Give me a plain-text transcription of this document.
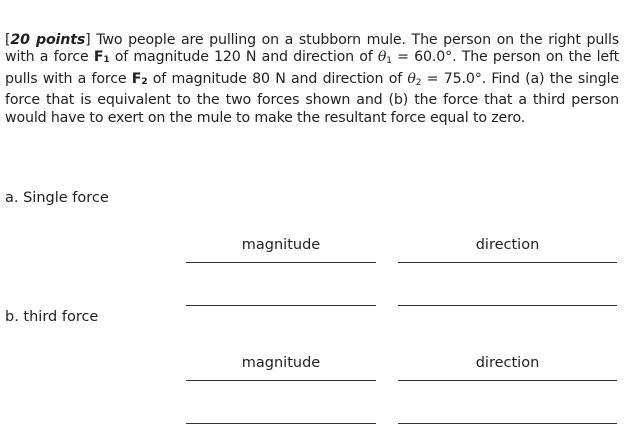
[20 points] Two people are pulling on a stubborn mule. The person on the right pulls with a force F1 of magnitude 120 N and direction of $\theta_1 = 60.0^\circ$. The person on the left pulls with a force F2 of magnitude 80 N and direction of $\theta_2 = 75.0^\circ$. Find (a) the single force that is equivalent to the two forces shown and (b) the force that a third person would have to exert on the mule to make the resultant force equal to zero.
a. Single force
magnitude	direction
b. third force
magnitude	direction
